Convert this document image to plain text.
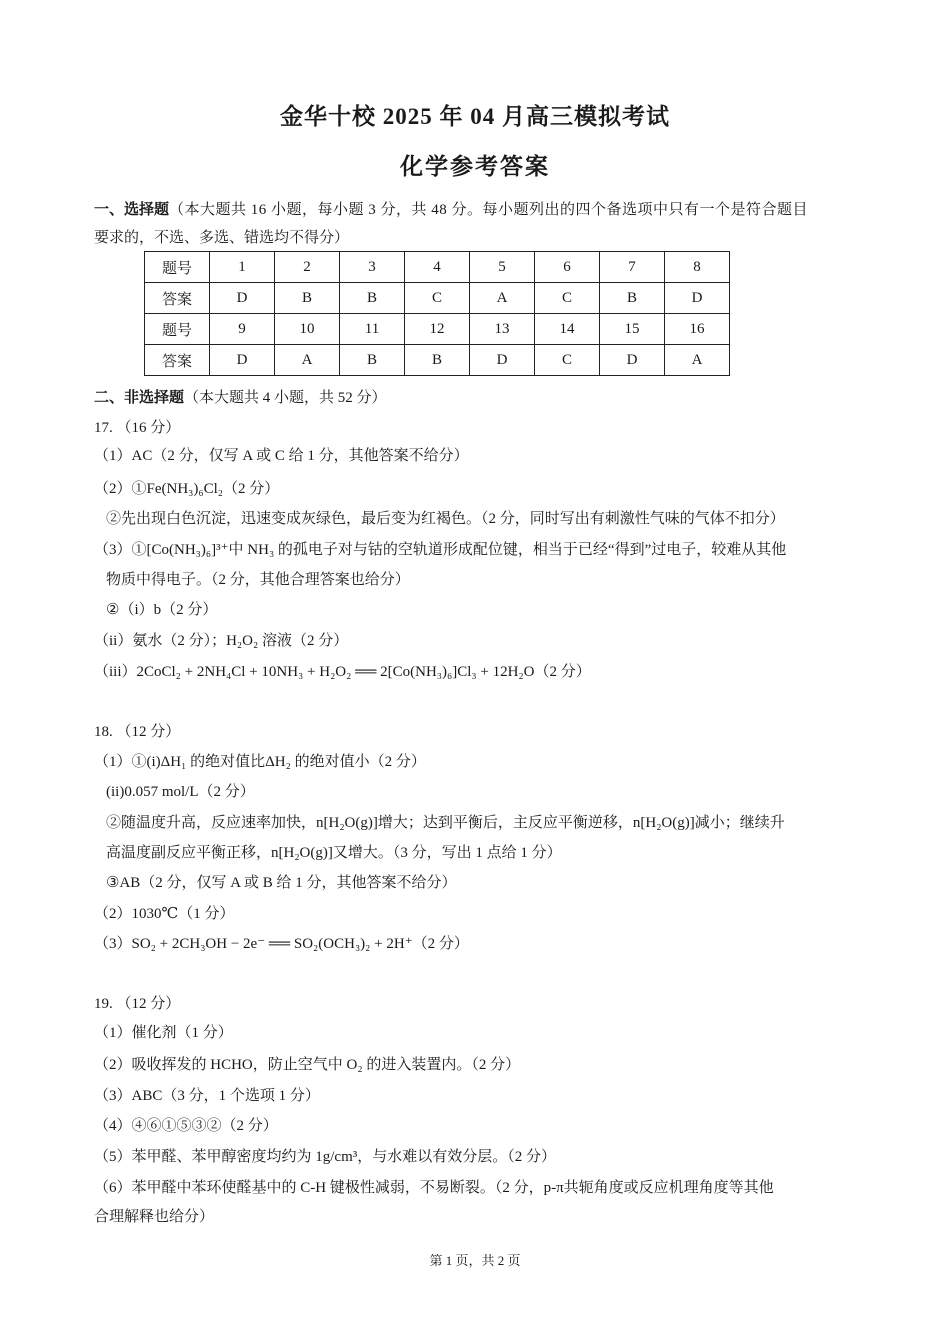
金华十校 2025 年 04 月高三模拟考试
化学参考答案
一、选择题（本大题共 16 小题，每小题 3 分，共 48 分。每小题列出的四个备选项中只有一个是符合题目
要求的，不选、多选、错选均不得分）
题号	1	2	3	4	5	6	7	8
答案	D	B	B	C	A	C	B	D
题号	9	10	11	12	13	14	15	16
答案	D	A	B	B	D	C	D	A
二、非选择题（本大题共 4 小题，共 52 分）
17. （16 分）
（1）AC（2 分，仅写 A 或 C 给 1 分，其他答案不给分）
（2）①Fe(NH₃)₆Cl₂（2 分）
②先出现白色沉淀，迅速变成灰绿色，最后变为红褐色。（2 分，同时写出有刺激性气味的气体不扣分）
（3）①[Co(NH₃)₆]³⁺中 NH₃ 的孤电子对与钴的空轨道形成配位键，相当于已经“得到”过电子，较难从其他
物质中得电子。（2 分，其他合理答案也给分）
②（i）b（2 分）
（ii）氨水（2 分）；H₂O₂ 溶液（2 分）
（iii）2CoCl₂ + 2NH₄Cl + 10NH₃ + H₂O₂ ══ 2[Co(NH₃)₆]Cl₃ + 12H₂O（2 分）
18. （12 分）
（1）①(i)ΔH₁ 的绝对值比ΔH₂ 的绝对值小（2 分）
(ii)0.057 mol/L（2 分）
②随温度升高，反应速率加快，n[H₂O(g)]增大；达到平衡后，主反应平衡逆移，n[H₂O(g)]减小；继续升
高温度副反应平衡正移，n[H₂O(g)]又增大。（3 分，写出 1 点给 1 分）
③AB（2 分，仅写 A 或 B 给 1 分，其他答案不给分）
（2）1030℃（1 分）
（3）SO₂ + 2CH₃OH − 2e⁻ ══ SO₂(OCH₃)₂ + 2H⁺（2 分）
19. （12 分）
（1）催化剂（1 分）
（2）吸收挥发的 HCHO，防止空气中 O₂ 的进入装置内。（2 分）
（3）ABC（3 分，1 个选项 1 分）
（4）④⑥①⑤③②（2 分）
（5）苯甲醛、苯甲醇密度均约为 1g/cm³，与水难以有效分层。（2 分）
（6）苯甲醛中苯环使醛基中的 C-H 键极性减弱，不易断裂。（2 分，p-π共轭角度或反应机理角度等其他
合理解释也给分）
第 1 页，共 2 页
